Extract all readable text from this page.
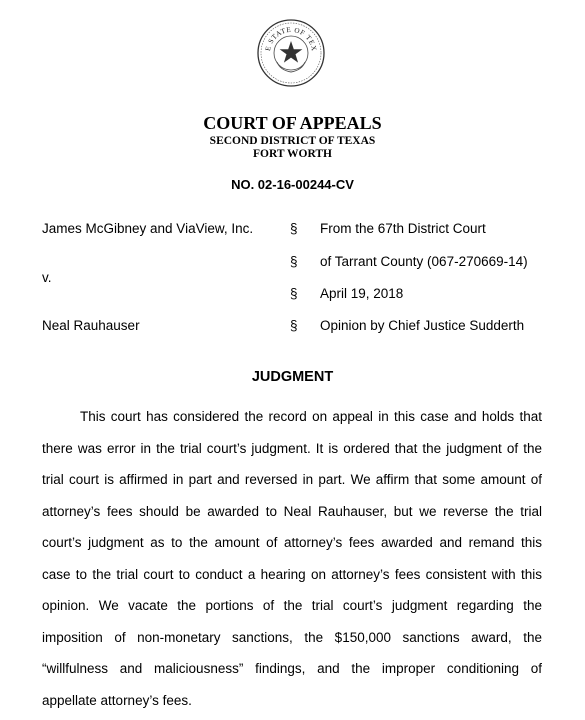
E STATE OF TEX
COURT OF APPEALS
SECOND DISTRICT OF TEXAS
FORT WORTH
NO. 02-16-00244-CV
James McGibney and ViaView, Inc.
v.
Neal Rauhauser
§
§
§
§
From the 67th District Court
of Tarrant County (067-270669-14)
April 19, 2018
Opinion by Chief Justice Sudderth
JUDGMENT
This court has considered the record on appeal in this case and holds that
there was error in the trial court’s judgment. It is ordered that the judgment of the
trial court is affirmed in part and reversed in part. We affirm that some amount of
attorney’s fees should be awarded to Neal Rauhauser, but we reverse the trial
court’s judgment as to the amount of attorney’s fees awarded and remand this
case to the trial court to conduct a hearing on attorney’s fees consistent with this
opinion. We vacate the portions of the trial court’s judgment regarding the
imposition of non-monetary sanctions, the $150,000 sanctions award, the
“willfulness and maliciousness” findings, and the improper conditioning of
appellate attorney’s fees.
